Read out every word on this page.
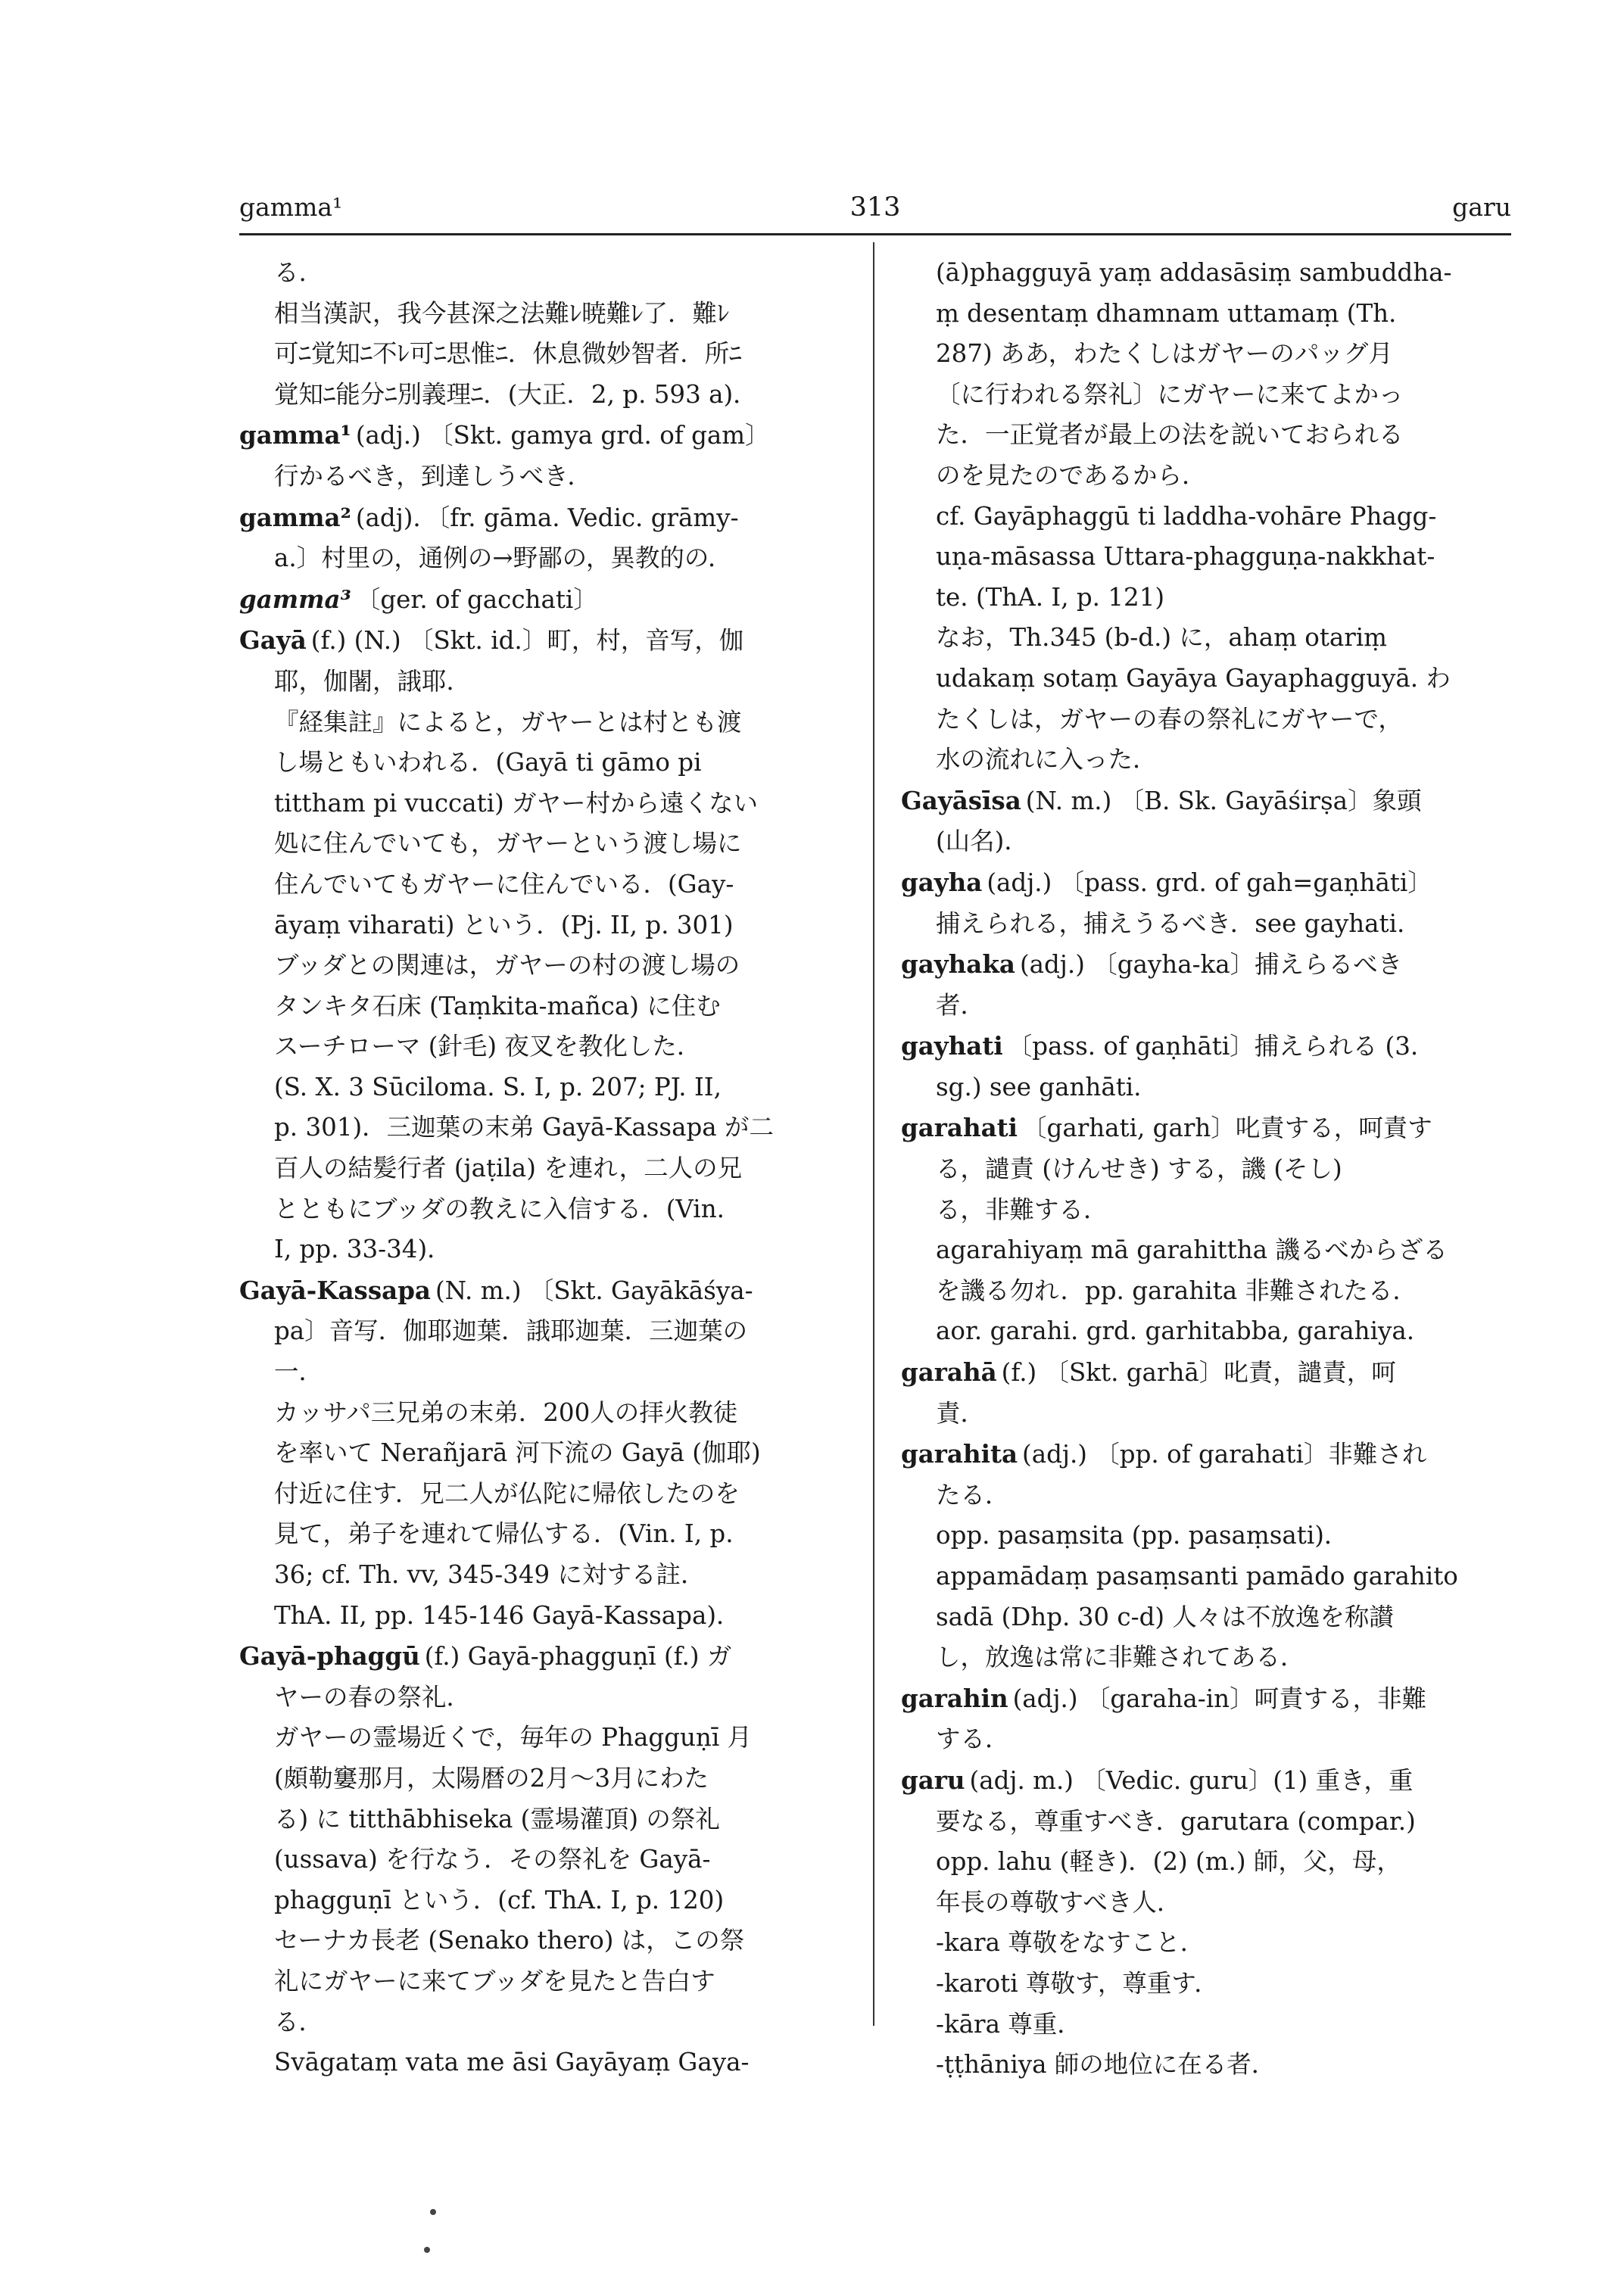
gamma¹	313	garu
る.
相当漢訳，我今甚深之法難ﾚ暁難ﾚ了．難ﾚ
可ﾆ覚知ﾆ不ﾚ可ﾆ思惟ﾆ．休息微妙智者．所ﾆ
覚知ﾆ能分ﾆ別義理ﾆ．(大正．2, p. 593 a)．
gamma¹ (adj.) 〔Skt. gamya grd. of gam〕
行かるべき，到達しうべき．
gamma² (adj)．〔fr. gāma. Vedic. grāmy-
a.〕村里の，通例の→野鄙の，異教的の．
gamma³ 〔ger. of gacchati〕
Gayā (f.) (N.) 〔Skt. id.〕町，村，音写，伽
耶，伽闍，誐耶．
『経集註』によると，ガヤーとは村とも渡
し場ともいわれる．(Gayā ti gāmo pi
tittham pi vuccati) ガヤー村から遠くない
処に住んでいても，ガヤーという渡し場に
住んでいてもガヤーに住んでいる．(Gay-
āyaṃ viharati) という．(Pj. II, p. 301)
ブッダとの関連は，ガヤーの村の渡し場の
タンキタ石床 (Taṃkita-mañca) に住む
スーチローマ (針毛) 夜叉を教化した．
(S. X. 3 Sūciloma. S. I, p. 207; PJ. II,
p. 301)．三迦葉の末弟 Gayā-Kassapa が二
百人の結髪行者 (jaṭila) を連れ，二人の兄
とともにブッダの教えに入信する．(Vin.
I, pp. 33-34)．
Gayā-Kassapa (N. m.) 〔Skt. Gayākāśya-
pa〕音写．伽耶迦葉．誐耶迦葉．三迦葉の
一．
カッサパ三兄弟の末弟．200人の拝火教徒
を率いて Nerañjarā 河下流の Gayā (伽耶)
付近に住す．兄二人が仏陀に帰依したのを
見て，弟子を連れて帰仏する．(Vin. I, p.
36; cf. Th. vv, 345-349 に対する註．
ThA. II, pp. 145-146 Gayā-Kassapa)．
Gayā-phaggū (f.) Gayā-phagguṇī (f.) ガ
ヤーの春の祭礼．
ガヤーの霊場近くで，毎年の Phagguṇī 月
(頗勒窶那月，太陽暦の2月〜3月にわた
る) に titthābhiseka (霊場灌頂) の祭礼
(ussava) を行なう．その祭礼を Gayā-
phagguṇī という．(cf. ThA. I, p. 120)
セーナカ長老 (Senako thero) は，この祭
礼にガヤーに来てブッダを見たと告白す
る．
Svāgataṃ vata me āsi Gayāyaṃ Gaya-
(ā)phagguyā yaṃ addasāsiṃ sambuddha-
ṃ desentaṃ dhamnam uttamaṃ (Th.
287) ああ，わたくしはガヤーのパッグ月
〔に行われる祭礼〕にガヤーに来てよかっ
た．一正覚者が最上の法を説いておられる
のを見たのであるから．
cf. Gayāphaggū ti laddha-vohāre Phagg-
uṇa-māsassa Uttara-phagguṇa-nakkhat-
te. (ThA. I, p. 121)
なお，Th.345 (b-d.) に，ahaṃ otariṃ
udakaṃ sotaṃ Gayāya Gayaphagguyā. わ
たくしは，ガヤーの春の祭礼にガヤーで，
水の流れに入った．
Gayāsīsa (N. m.) 〔B. Sk. Gayāśirṣa〕象頭
(山名)．
gayha (adj.) 〔pass. grd. of gah=gaṇhāti〕
捕えられる，捕えうるべき．see gayhati.
gayhaka (adj.) 〔gayha-ka〕捕えらるべき
者．
gayhati 〔pass. of gaṇhāti〕捕えられる (3.
sg.) see ganhāti.
garahati 〔garhati, garh〕叱責する，呵責す
る，譴責 (けんせき) する，譏 (そし)
る，非難する．
agarahiyaṃ mā garahittha 譏るべからざる
を譏る勿れ．pp. garahita 非難されたる．
aor. garahi. grd. garhitabba, garahiya.
garahā (f.) 〔Skt. garhā〕叱責，譴責，呵
責．
garahita (adj.) 〔pp. of garahati〕非難され
たる．
opp. pasaṃsita (pp. pasaṃsati)．
appamādaṃ pasaṃsanti pamādo garahito
sadā (Dhp. 30 c-d) 人々は不放逸を称讃
し，放逸は常に非難されてある．
garahin (adj.) 〔garaha-in〕呵責する，非難
する．
garu (adj. m.) 〔Vedic. guru〕(1) 重き，重
要なる，尊重すべき．garutara (compar.)
opp. lahu (軽き)．(2) (m.) 師，父，母，
年長の尊敬すべき人．
-kara 尊敬をなすこと．
-karoti 尊敬す，尊重す．
-kāra 尊重．
-ṭṭhāniya 師の地位に在る者．
